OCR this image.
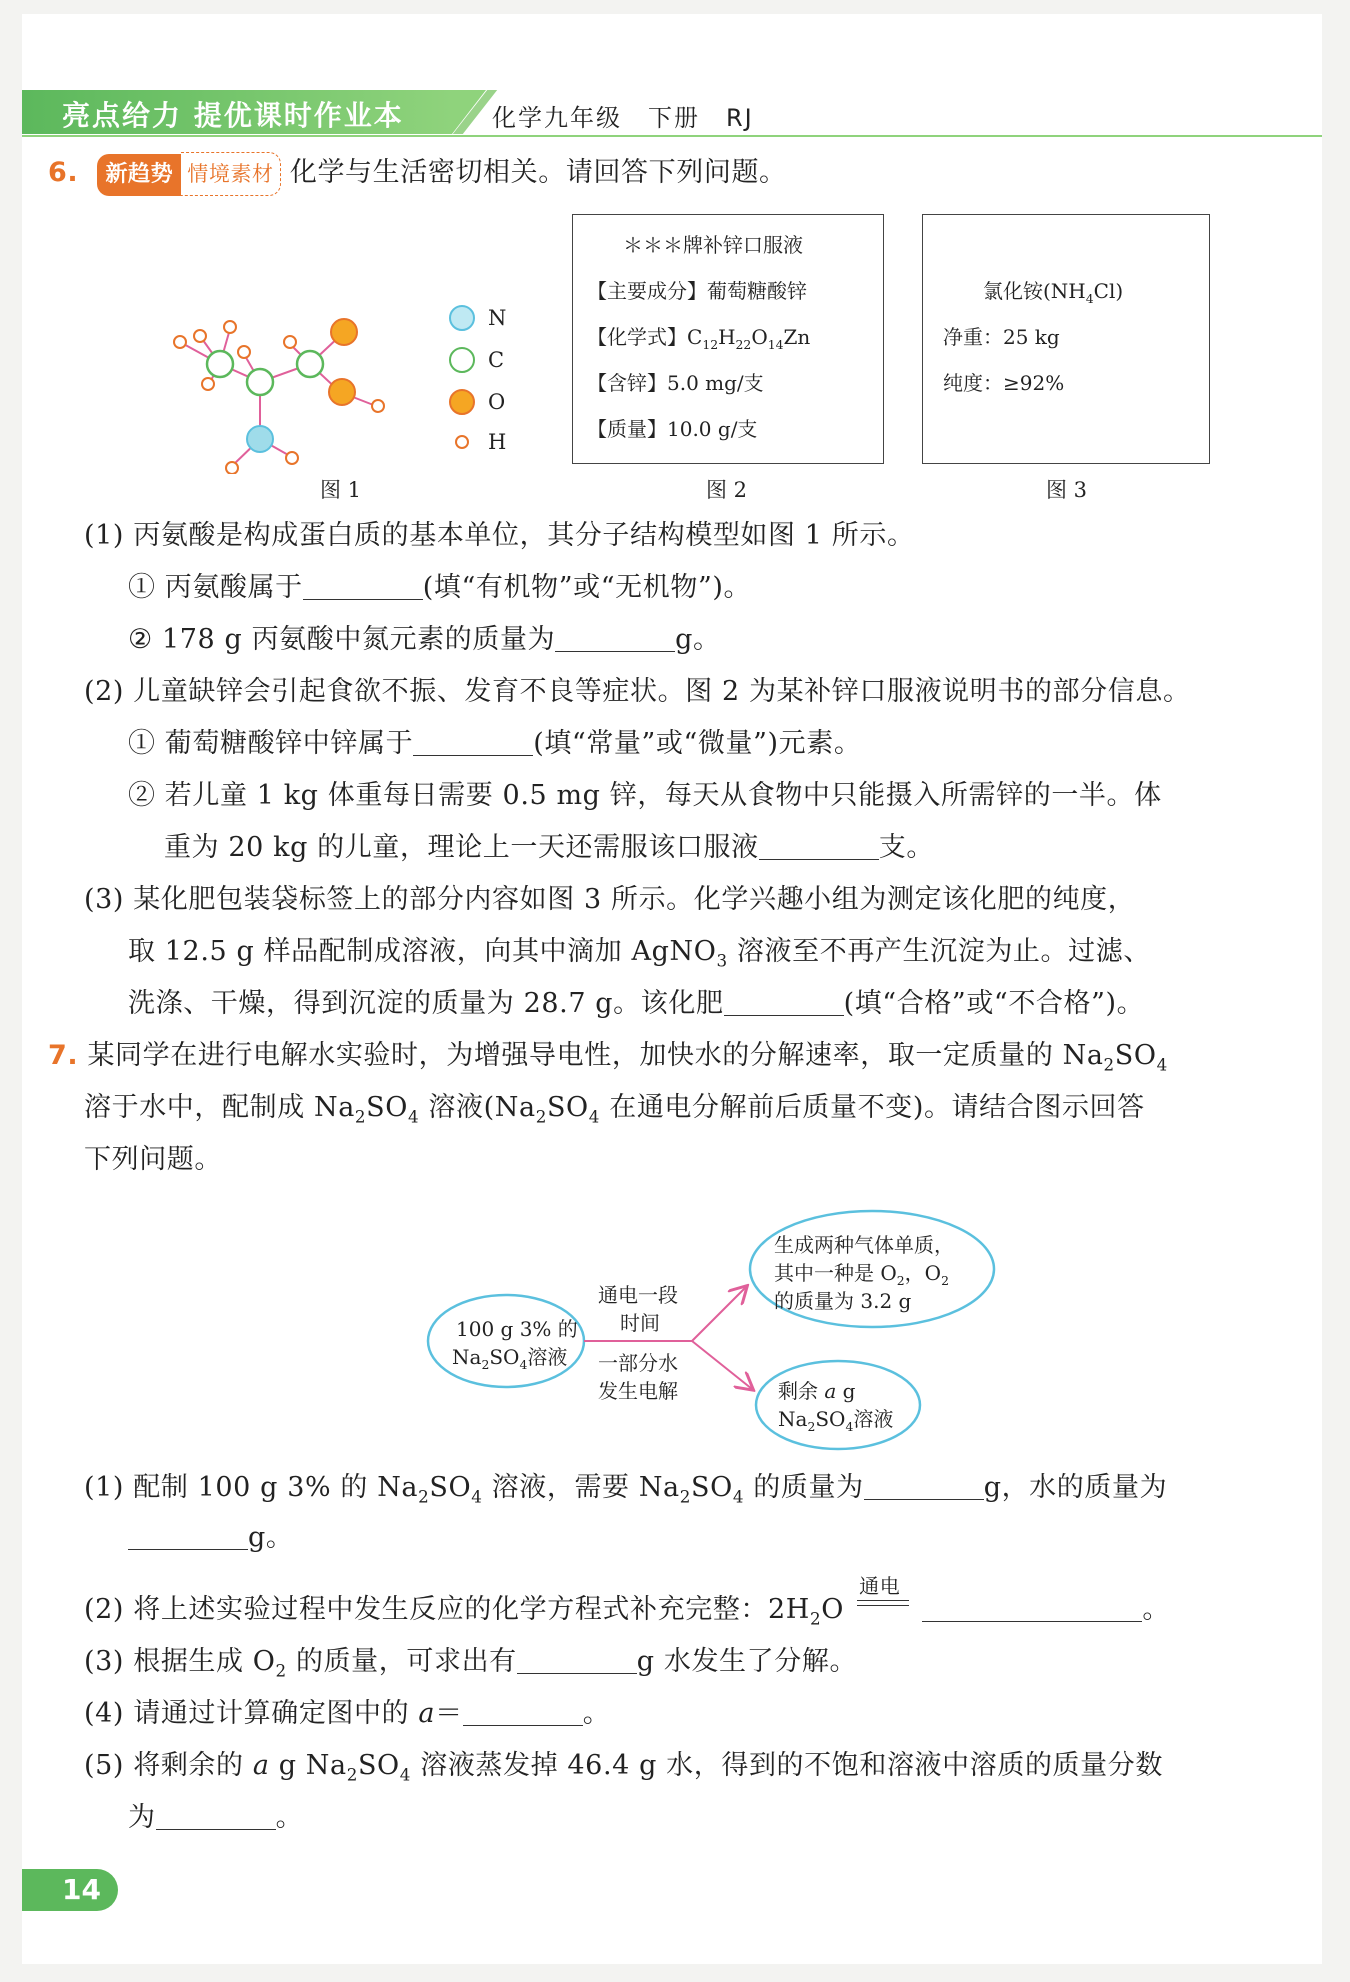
亮点给力 提优课时作业本	化学九年级　下册　RJ
6. 新趋势 情境素材 化学与生活密切相关。请回答下列问题。
N
C
O
H
图 1
＊＊＊牌补锌口服液
【主要成分】葡萄糖酸锌
【化学式】$C_{12}H_{22}O_{14}Zn$
【含锌】5.0 mg/支
【质量】10.0 g/支
图 2
氯化铵$(NH_4Cl)$
净重：25 kg
纯度：≥92%
图 3
(1) 丙氨酸是构成蛋白质的基本单位，其分子结构模型如图 1 所示。
① 丙氨酸属于	(填“有机物”或“无机物”)。
② 178 g 丙氨酸中氮元素的质量为	g。
(2) 儿童缺锌会引起食欲不振、发育不良等症状。图 2 为某补锌口服液说明书的部分信息。
① 葡萄糖酸锌中锌属于	(填“常量”或“微量”)元素。
② 若儿童 1 kg 体重每日需要 0.5 mg 锌，每天从食物中只能摄入所需锌的一半。体
重为 20 kg 的儿童，理论上一天还需服该口服液	支。
(3) 某化肥包装袋标签上的部分内容如图 3 所示。化学兴趣小组为测定该化肥的纯度，
取 12.5 g 样品配制成溶液，向其中滴加 AgNO$_3$ 溶液至不再产生沉淀为止。过滤、
洗涤、干燥，得到沉淀的质量为 28.7 g。该化肥	(填“合格”或“不合格”)。
7. 某同学在进行电解水实验时，为增强导电性，加快水的分解速率，取一定质量的 $Na_2SO_4$
溶于水中，配制成 $Na_2SO_4$ 溶液($Na_2SO_4$ 在通电分解前后质量不变)。请结合图示回答
下列问题。
100 g 3% 的
$Na_2SO_4$溶液
通电一段
时间
一部分水
发生电解
生成两种气体单质，
其中一种是 $O_2$，$O_2$
的质量为 3.2 g
剩余 a g
$Na_2SO_4$溶液
(1) 配制 100 g 3% 的 $Na_2SO_4$ 溶液，需要 $Na_2SO_4$ 的质量为	g，水的质量为
g。
(2) 将上述实验过程中发生反应的化学方程式补充完整：$2H_2O$
通电
。
(3) 根据生成 $O_2$ 的质量，可求出有	g 水发生了分解。
(4) 请通过计算确定图中的 a＝	。
(5) 将剩余的 a g $Na_2SO_4$ 溶液蒸发掉 46.4 g 水，得到的不饱和溶液中溶质的质量分数
为	。
14
